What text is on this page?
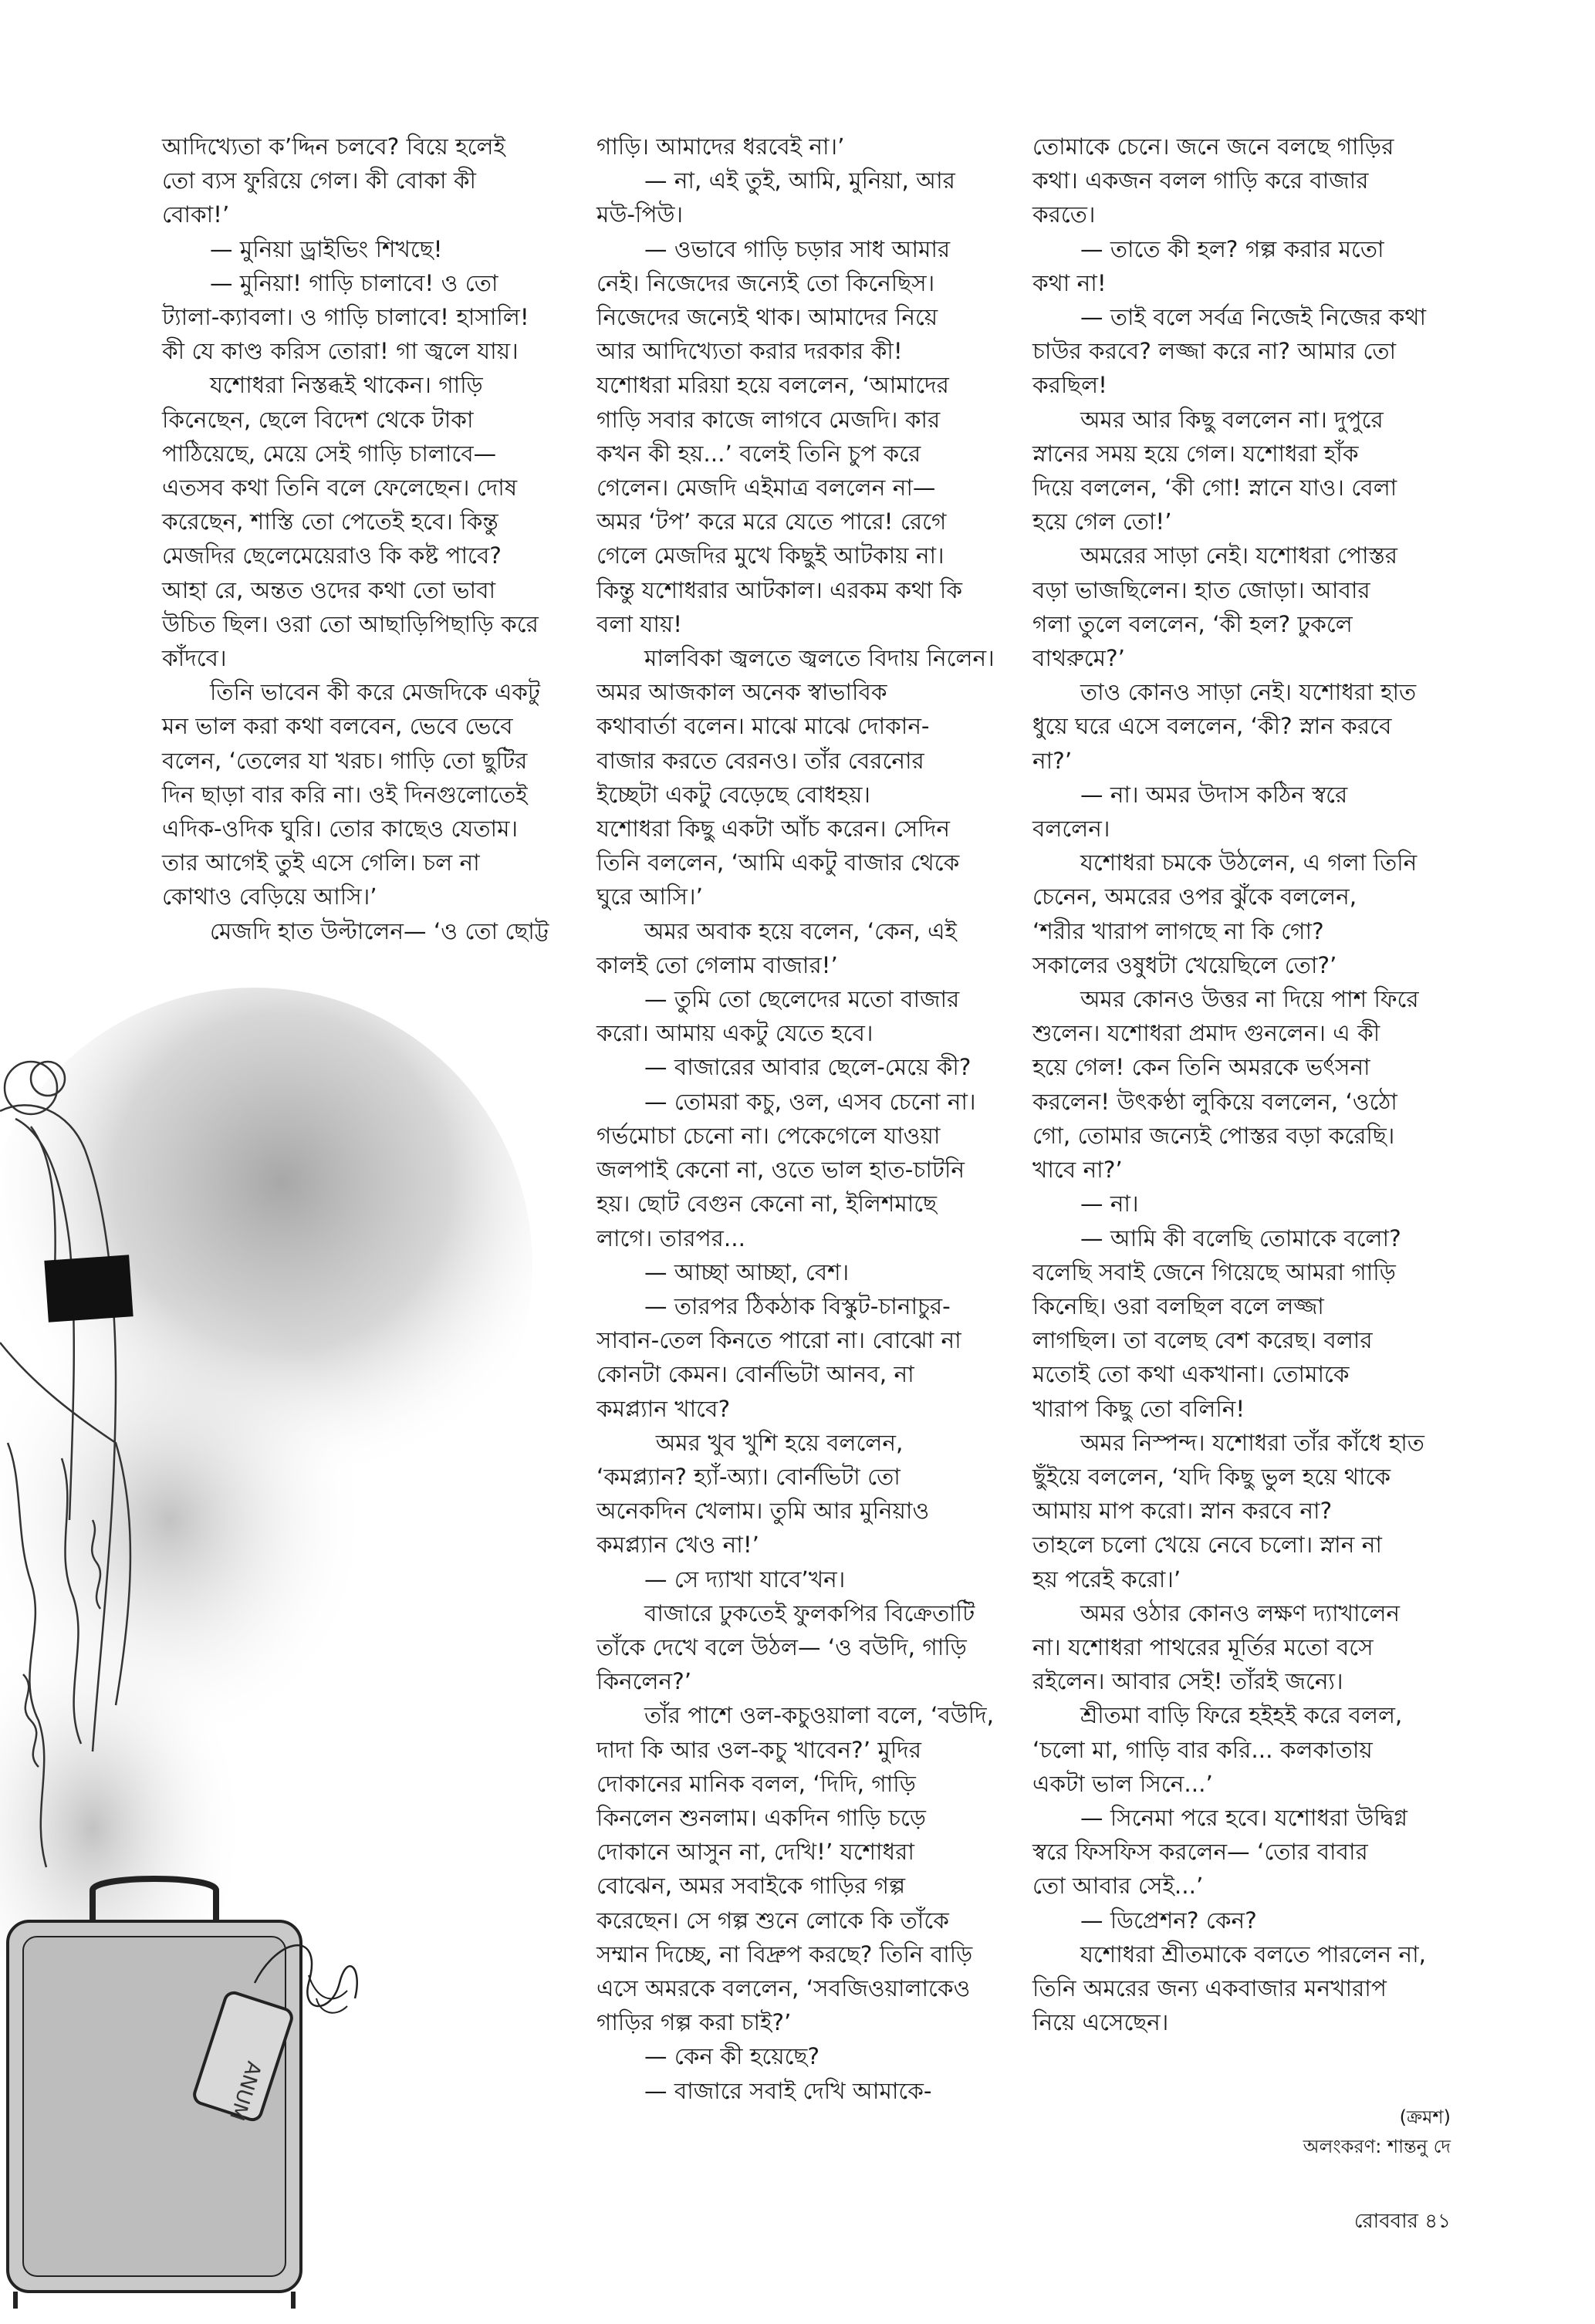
ANUM

আদিখ্যেতা ক’দ্দিন চলবে? বিয়ে হলেই

তো ব্যস ফুরিয়ে গেল। কী বোকা কী

বোকা!’

— মুনিয়া ড্রাইভিং শিখছে!

— মুনিয়া! গাড়ি চালাবে! ও তো

ট্যালা-ক্যাবলা। ও গাড়ি চালাবে! হাসালি!

কী যে কাণ্ড করিস তোরা! গা জ্বলে যায়।

যশোধরা নিস্তব্ধই থাকেন। গাড়ি

কিনেছেন, ছেলে বিদেশ থেকে টাকা

পাঠিয়েছে, মেয়ে সেই গাড়ি চালাবে—

এতসব কথা তিনি বলে ফেলেছেন। দোষ

করেছেন, শাস্তি তো পেতেই হবে। কিন্তু

মেজদির ছেলেমেয়েরাও কি কষ্ট পাবে?

আহা রে, অন্তত ওদের কথা তো ভাবা

উচিত ছিল। ওরা তো আছাড়িপিছাড়ি করে

কাঁদবে।

তিনি ভাবেন কী করে মেজদিকে একটু

মন ভাল করা কথা বলবেন, ভেবে ভেবে

বলেন, ‘তেলের যা খরচ। গাড়ি তো ছুটির

দিন ছাড়া বার করি না। ওই দিনগুলোতেই

এদিক-ওদিক ঘুরি। তোর কাছেও যেতাম।

তার আগেই তুই এসে গেলি। চল না

কোথাও বেড়িয়ে আসি।’

মেজদি হাত উল্টালেন— ‘ও তো ছোট্ট

গাড়ি। আমাদের ধরবেই না।’

— না, এই তুই, আমি, মুনিয়া, আর

মউ-পিউ।

— ওভাবে গাড়ি চড়ার সাধ আমার

নেই। নিজেদের জন্যেই তো কিনেছিস।

নিজেদের জন্যেই থাক। আমাদের নিয়ে

আর আদিখ্যেতা করার দরকার কী!

যশোধরা মরিয়া হয়ে বললেন, ‘আমাদের

গাড়ি সবার কাজে লাগবে মেজদি। কার

কখন কী হয়...’ বলেই তিনি চুপ করে

গেলেন। মেজদি এইমাত্র বললেন না—

অমর ‘টপ’ করে মরে যেতে পারে! রেগে

গেলে মেজদির মুখে কিছুই আটকায় না।

কিন্তু যশোধরার আটকাল। এরকম কথা কি

বলা যায়!

মালবিকা জ্বলতে জ্বলতে বিদায় নিলেন।

অমর আজকাল অনেক স্বাভাবিক

কথাবার্তা বলেন। মাঝে মাঝে দোকান-

বাজার করতে বেরনও। তাঁর বেরনোর

ইচ্ছেটা একটু বেড়েছে বোধহয়।

যশোধরা কিছু একটা আঁচ করেন। সেদিন

তিনি বললেন, ‘আমি একটু বাজার থেকে

ঘুরে আসি।’

অমর অবাক হয়ে বলেন, ‘কেন, এই

কালই তো গেলাম বাজার!’

— তুমি তো ছেলেদের মতো বাজার

করো। আমায় একটু যেতে হবে।

— বাজারের আবার ছেলে-মেয়ে কী?

— তোমরা কচু, ওল, এসব চেনো না।

গর্ভমোচা চেনো না। পেকেগেলে যাওয়া

জলপাই কেনো না, ওতে ভাল হাত-চাটনি

হয়। ছোট বেগুন কেনো না, ইলিশমাছে

লাগে। তারপর...

— আচ্ছা আচ্ছা, বেশ।

— তারপর ঠিকঠাক বিস্কুট-চানাচুর-

সাবান-তেল কিনতে পারো না। বোঝো না

কোনটা কেমন। বোর্নভিটা আনব, না

কমপ্ল্যান খাবে?

অমর খুব খুশি হয়ে বললেন,

‘কমপ্ল্যান? হ্যাঁ-অ্যা। বোর্নভিটা তো

অনেকদিন খেলাম। তুমি আর মুনিয়াও

কমপ্ল্যান খেও না!’

— সে দ্যাখা যাবে’খন।

বাজারে ঢুকতেই ফুলকপির বিক্রেতাটি

তাঁকে দেখে বলে উঠল— ‘ও বউদি, গাড়ি

কিনলেন?’

তাঁর পাশে ওল-কচুওয়ালা বলে, ‘বউদি,

দাদা কি আর ওল-কচু খাবেন?’ মুদির

দোকানের মানিক বলল, ‘দিদি, গাড়ি

কিনলেন শুনলাম। একদিন গাড়ি চড়ে

দোকানে আসুন না, দেখি!’ যশোধরা

বোঝেন, অমর সবাইকে গাড়ির গল্প

করেছেন। সে গল্প শুনে লোকে কি তাঁকে

সম্মান দিচ্ছে, না বিদ্রুপ করছে? তিনি বাড়ি

এসে অমরকে বললেন, ‘সবজিওয়ালাকেও

গাড়ির গল্প করা চাই?’

— কেন কী হয়েছে?

— বাজারে সবাই দেখি আমাকে-

তোমাকে চেনে। জনে জনে বলছে গাড়ির

কথা। একজন বলল গাড়ি করে বাজার

করতে।

— তাতে কী হল? গল্প করার মতো

কথা না!

— তাই বলে সর্বত্র নিজেই নিজের কথা

চাউর করবে? লজ্জা করে না? আমার তো

করছিল!

অমর আর কিছু বললেন না। দুপুরে

স্নানের সময় হয়ে গেল। যশোধরা হাঁক

দিয়ে বললেন, ‘কী গো! স্নানে যাও। বেলা

হয়ে গেল তো!’

অমরের সাড়া নেই। যশোধরা পোস্তর

বড়া ভাজছিলেন। হাত জোড়া। আবার

গলা তুলে বললেন, ‘কী হল? ঢুকলে

বাথরুমে?’

তাও কোনও সাড়া নেই। যশোধরা হাত

ধুয়ে ঘরে এসে বললেন, ‘কী? স্নান করবে

না?’

— না। অমর উদাস কঠিন স্বরে

বললেন।

যশোধরা চমকে উঠলেন, এ গলা তিনি

চেনেন, অমরের ওপর ঝুঁকে বললেন,

‘শরীর খারাপ লাগছে না কি গো?

সকালের ওষুধটা খেয়েছিলে তো?’

অমর কোনও উত্তর না দিয়ে পাশ ফিরে

শুলেন। যশোধরা প্রমাদ গুনলেন। এ কী

হয়ে গেল! কেন তিনি অমরকে ভর্ৎসনা

করলেন! উৎকণ্ঠা লুকিয়ে বললেন, ‘ওঠো

গো, তোমার জন্যেই পোস্তর বড়া করেছি।

খাবে না?’

— না।

— আমি কী বলেছি তোমাকে বলো?

বলেছি সবাই জেনে গিয়েছে আমরা গাড়ি

কিনেছি। ওরা বলছিল বলে লজ্জা

লাগছিল। তা বলেছ বেশ করেছ। বলার

মতোই তো কথা একখানা। তোমাকে

খারাপ কিছু তো বলিনি!

অমর নিস্পন্দ। যশোধরা তাঁর কাঁধে হাত

ছুঁইয়ে বললেন, ‘যদি কিছু ভুল হয়ে থাকে

আমায় মাপ করো। স্নান করবে না?

তাহলে চলো খেয়ে নেবে চলো। স্নান না

হয় পরেই করো।’

অমর ওঠার কোনও লক্ষণ দ্যাখালেন

না। যশোধরা পাথরের মূর্তির মতো বসে

রইলেন। আবার সেই! তাঁরই জন্যে।

শ্রীতমা বাড়ি ফিরে হইহই করে বলল,

‘চলো মা, গাড়ি বার করি... কলকাতায়

একটা ভাল সিনে...’

— সিনেমা পরে হবে। যশোধরা উদ্বিগ্ন

স্বরে ফিসফিস করলেন— ‘তোর বাবার

তো আবার সেই...’

— ডিপ্রেশন? কেন?

যশোধরা শ্রীতমাকে বলতে পারলেন না,

তিনি অমরের জন্য একবাজার মনখারাপ

নিয়ে এসেছেন।

(ক্রমশ)
অলংকরণ: শান্তনু দে
রোববার ৪১
